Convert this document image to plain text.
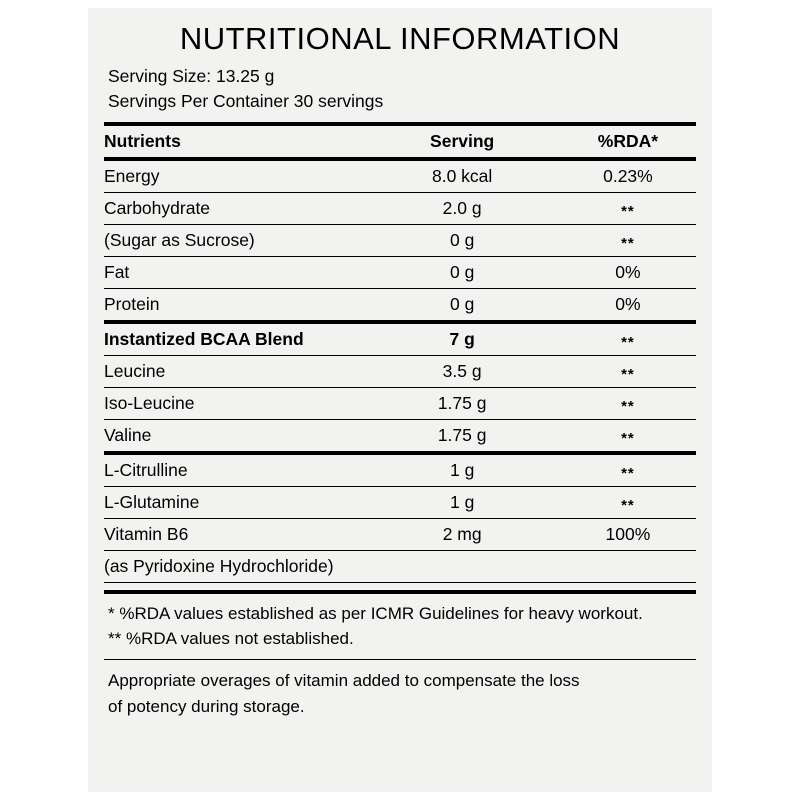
NUTRITIONAL INFORMATION
Serving Size: 13.25 g
Servings Per Container 30 servings
Nutrients	Serving	%RDA*
Energy	8.0 kcal	0.23%
Carbohydrate	2.0 g	**
(Sugar as Sucrose)	0 g	**
Fat	0 g	0%
Protein	0 g	0%
Instantized BCAA Blend	7 g	**
Leucine	3.5 g	**
Iso-Leucine	1.75 g	**
Valine	1.75 g	**
L-Citrulline	1 g	**
L-Glutamine	1 g	**
Vitamin B6	2 mg	100%
(as Pyridoxine Hydrochloride)		
* %RDA values established as per ICMR Guidelines for heavy workout.
** %RDA values not established.
Appropriate overages of vitamin added to compensate the loss
of potency during storage.
